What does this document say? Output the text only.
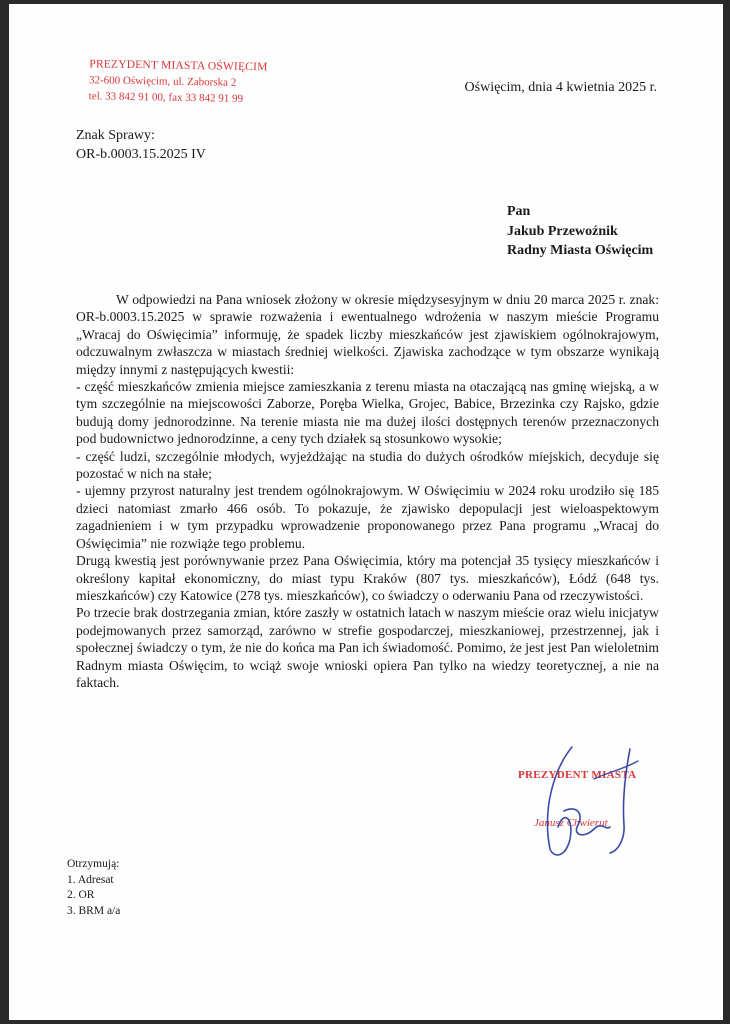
PREZYDENT MIASTA OŚWIĘCIM
32-600 Oświęcim, ul. Zaborska 2
tel. 33 842 91 00, fax 33 842 91 99
Oświęcim, dnia 4 kwietnia 2025 r.
Znak Sprawy:
OR-b.0003.15.2025 IV
Pan
Jakub Przewoźnik
Radny Miasta Oświęcim

W odpowiedzi na Pana wniosek złożony w okresie międzysesyjnym w dniu 20 marca 2025 r. znak: OR-b.0003.15.2025 w sprawie rozważenia i ewentualnego wdrożenia w naszym mieście Programu „Wracaj do Oświęcimia” informuję, że spadek liczby mieszkańców jest zjawiskiem ogólnokrajowym, odczuwalnym zwłaszcza w miastach średniej wielkości. Zjawiska zachodzące w tym obszarze wynikają między innymi z następujących kwestii:

- część mieszkańców zmienia miejsce zamieszkania z terenu miasta na otaczającą nas gminę wiejską, a w tym szczególnie na miejscowości Zaborze, Poręba Wielka, Grojec, Babice, Brzezinka czy Rajsko, gdzie budują domy jednorodzinne. Na terenie miasta nie ma dużej ilości dostępnych terenów przeznaczonych pod budownictwo jednorodzinne, a ceny tych działek są stosunkowo wysokie;

- część ludzi, szczególnie młodych, wyjeżdżając na studia do dużych ośrodków miejskich, decyduje się pozostać w nich na stałe;

- ujemny przyrost naturalny jest trendem ogólnokrajowym. W Oświęcimiu w 2024 roku urodziło się 185 dzieci natomiast zmarło 466 osób. To pokazuje, że zjawisko depopulacji jest wieloaspektowym zagadnieniem i w tym przypadku wprowadzenie proponowanego przez Pana programu „Wracaj do Oświęcimia” nie rozwiąże tego problemu.

Drugą kwestią jest porównywanie przez Pana Oświęcimia, który ma potencjał 35 tysięcy mieszkańców i określony kapitał ekonomiczny, do miast typu Kraków (807 tys. mieszkańców), Łódź (648 tys. mieszkańców) czy Katowice (278 tys. mieszkańców), co świadczy o oderwaniu Pana od rzeczywistości.

Po trzecie brak dostrzegania zmian, które zaszły w ostatnich latach w naszym mieście oraz wielu inicjatyw podejmowanych przez samorząd, zarówno w strefie gospodarczej, mieszkaniowej, przestrzennej, jak i społecznej świadczy o tym, że nie do końca ma Pan ich świadomość. Pomimo, że jest jest Pan wieloletnim Radnym miasta Oświęcim, to wciąż swoje wnioski opiera Pan tylko na wiedzy teoretycznej, a nie na faktach.

PREZYDENT MIASTA
Janusz Chwierut
Otrzymują:
1. Adresat
2. OR
3. BRM a/a
